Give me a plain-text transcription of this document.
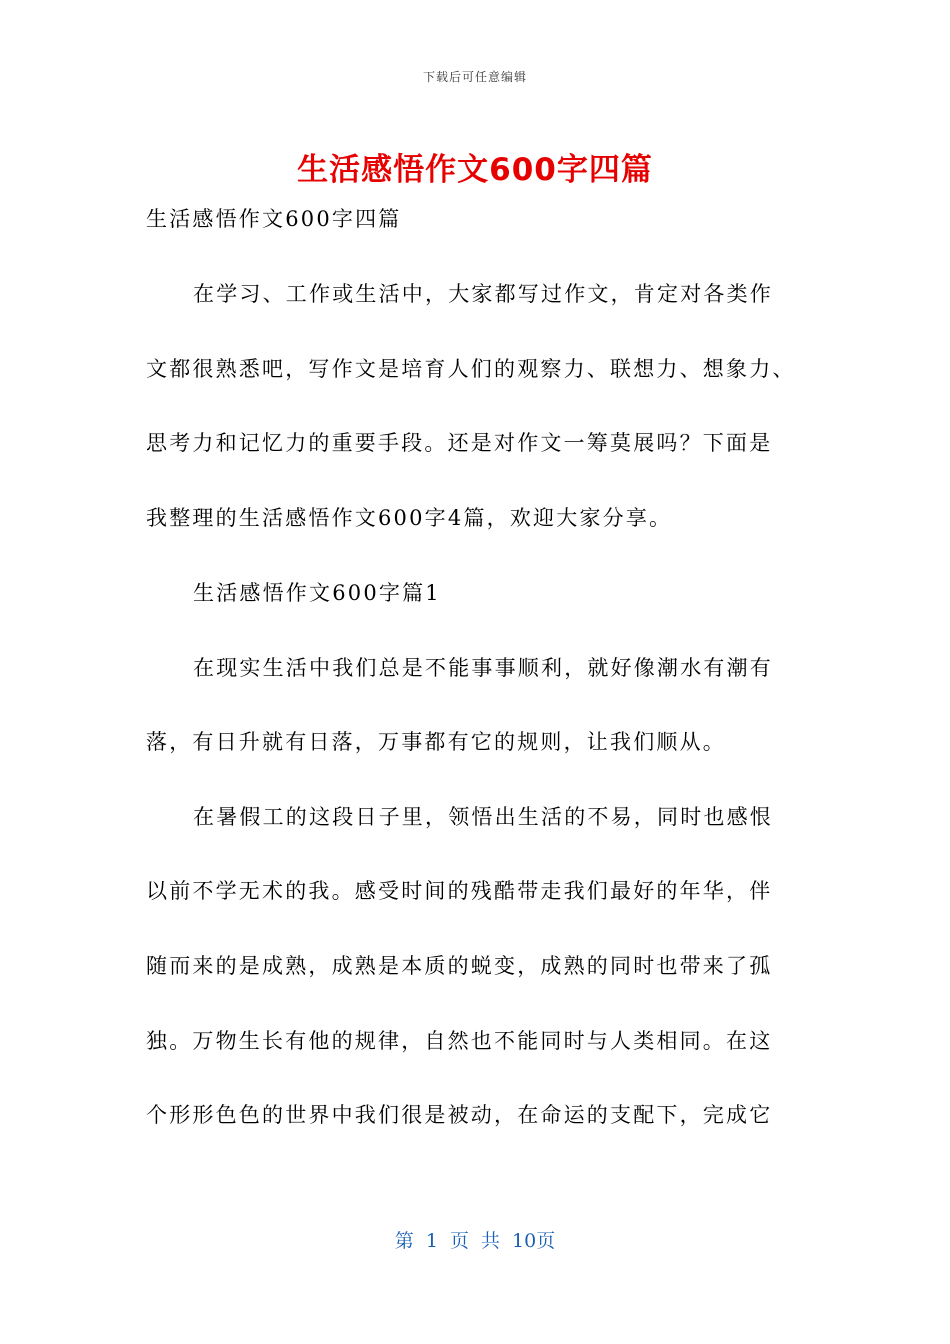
下载后可任意编辑
生活感悟作文600字四篇
生活感悟作文600字四篇
在学习、工作或生活中，大家都写过作文，肯定对各类作
文都很熟悉吧，写作文是培育人们的观察力、联想力、想象力、
思考力和记忆力的重要手段。还是对作文一筹莫展吗？下面是
我整理的生活感悟作文600字4篇，欢迎大家分享。
生活感悟作文600字篇1
在现实生活中我们总是不能事事顺利，就好像潮水有潮有
落，有日升就有日落，万事都有它的规则，让我们顺从。
在暑假工的这段日子里，领悟出生活的不易，同时也感恨
以前不学无术的我。感受时间的残酷带走我们最好的年华，伴
随而来的是成熟，成熟是本质的蜕变，成熟的同时也带来了孤
独。万物生长有他的规律，自然也不能同时与人类相同。在这
个形形色色的世界中我们很是被动，在命运的支配下，完成它
第 1 页 共 10页
